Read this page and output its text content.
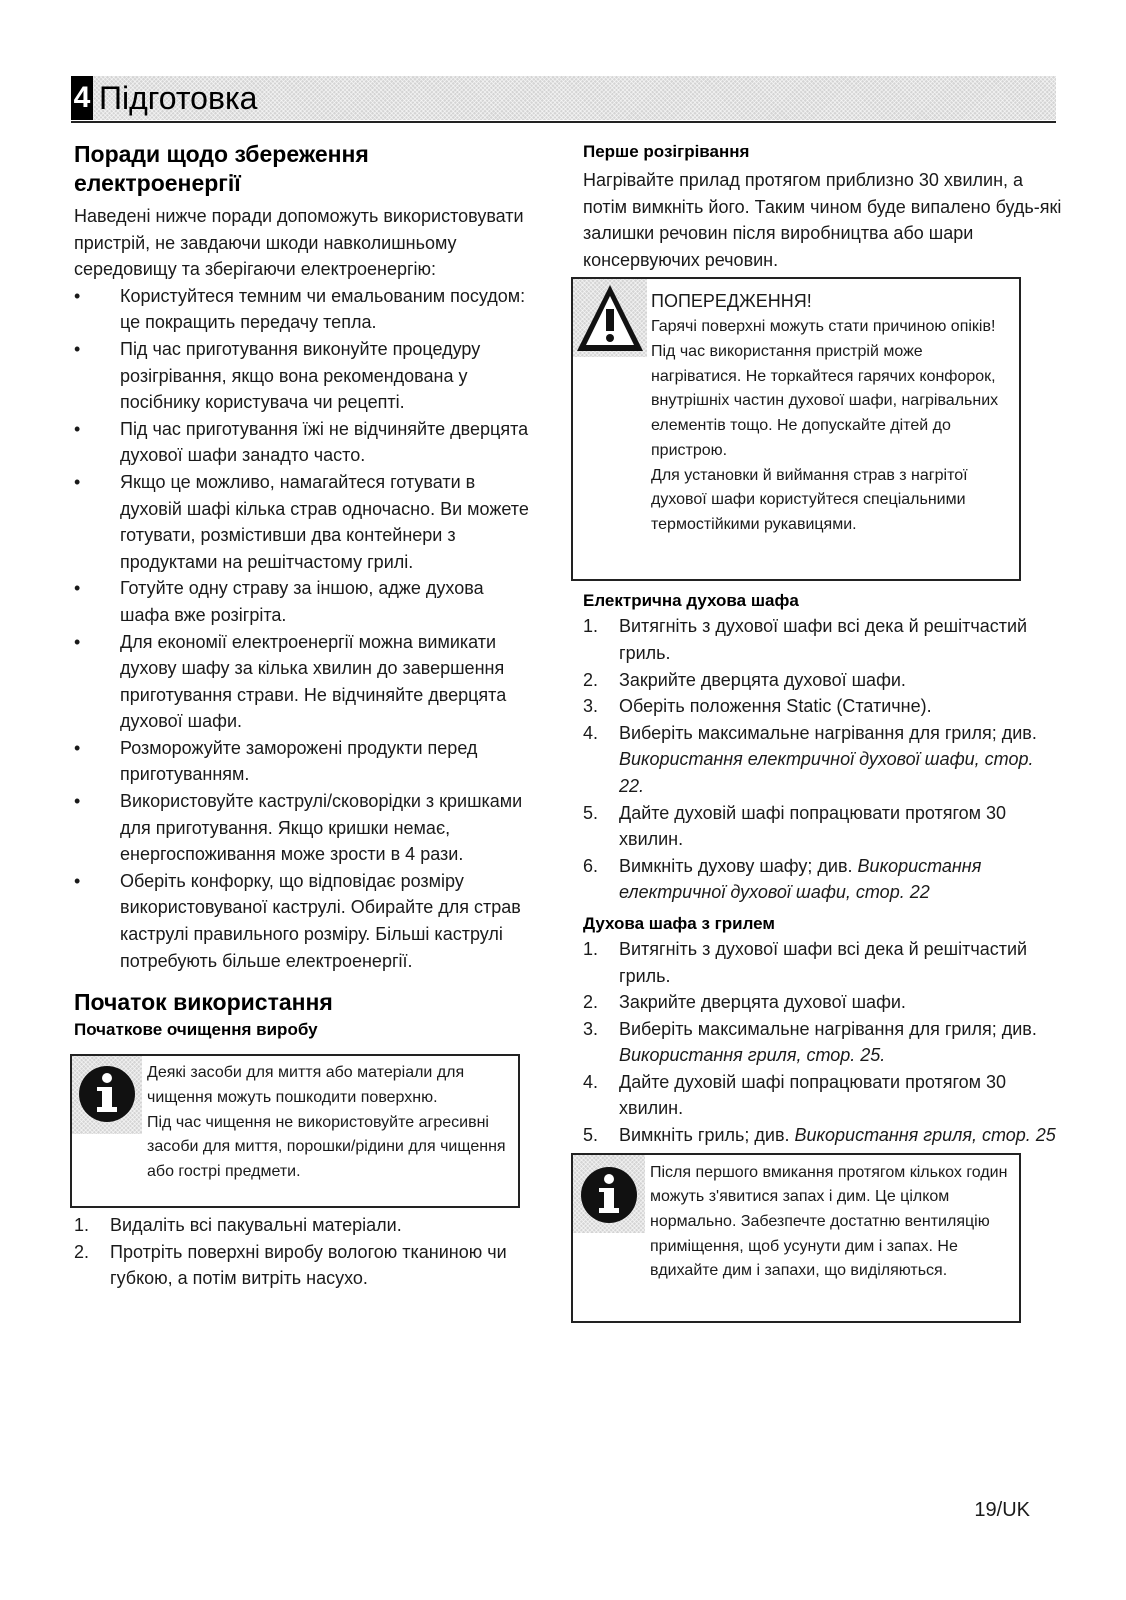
4 Підготовка
Поради щодо збереження
електроенергії

Наведені нижче поради допоможуть використовувати пристрій, не завдаючи шкоди навколишньому середовищу та зберігаючи електроенергію:

• Користуйтеся темним чи емальованим посудом: це покращить передачу тепла.
• Під час приготування виконуйте процедуру розігрівання, якщо вона рекомендована у посібнику користувача чи рецепті.
• Під час приготування їжі не відчиняйте дверцята духової шафи занадто часто.
• Якщо це можливо, намагайтеся готувати в духовій шафі кілька страв одночасно. Ви можете готувати, розмістивши два контейнери з продуктами на решітчастому грилі.
• Готуйте одну страву за іншою, адже духова шафа вже розігріта.
• Для економії електроенергії можна вимикати духову шафу за кілька хвилин до завершення приготування страви. Не відчиняйте дверцята духової шафи.
• Розморожуйте заморожені продукти перед приготуванням.
• Використовуйте каструлі/сковорідки з кришками для приготування. Якщо кришки немає, енергоспоживання може зрости в 4 рази.
• Оберіть конфорку, що відповідає розміру використовуваної каструлі. Обирайте для страв каструлі правильного розміру. Більші каструлі потребують більше електроенергії.
Початок використання
Початкове очищення виробу

Деякі засоби для миття або матеріали для чищення можуть пошкодити поверхню.

Під час чищення не використовуйте агресивні засоби для миття, порошки/рідини для чищення або гострі предмети.

1. Видаліть всі пакувальні матеріали.
2. Протріть поверхні виробу вологою тканиною чи губкою, а потім витріть насухо.
Перше розігрівання

Нагрівайте прилад протягом приблизно 30 хвилин, а потім вимкніть його. Таким чином буде випалено будь-які залишки речовин після виробництва або шари консервуючих речовин.

ПОПЕРЕДЖЕННЯ!

Гарячі поверхні можуть стати причиною опіків!

Під час використання пристрій може нагріватися. Не торкайтеся гарячих конфорок, внутрішніх частин духової шафи, нагрівальних елементів тощо. Не допускайте дітей до пристрою.

Для установки й виймання страв з нагрітої духової шафи користуйтеся спеціальними термостійкими рукавицями.

Електрична духова шафа
1. Витягніть з духової шафи всі дека й решітчастий гриль.
2. Закрийте дверцята духової шафи.
3. Оберіть положення Static (Статичне).
4. Виберіть максимальне нагрівання для гриля; див. Використання електричної духової шафи, стор. 22.
5. Дайте духовій шафі попрацювати протягом 30 хвилин.
6. Вимкніть духову шафу; див. Використання електричної духової шафи, стор. 22
Духова шафа з грилем
1. Витягніть з духової шафи всі дека й решітчастий гриль.
2. Закрийте дверцята духової шафи.
3. Виберіть максимальне нагрівання для гриля; див. Використання гриля, стор. 25.
4. Дайте духовій шафі попрацювати протягом 30 хвилин.
5. Вимкніть гриль; див. Використання гриля, стор. 25

Після першого вмикання протягом кількох годин можуть з'явитися запах і дим. Це цілком нормально. Забезпечте достатню вентиляцію приміщення, щоб усунути дим і запах. Не вдихайте дим і запахи, що виділяються.

19/UK
